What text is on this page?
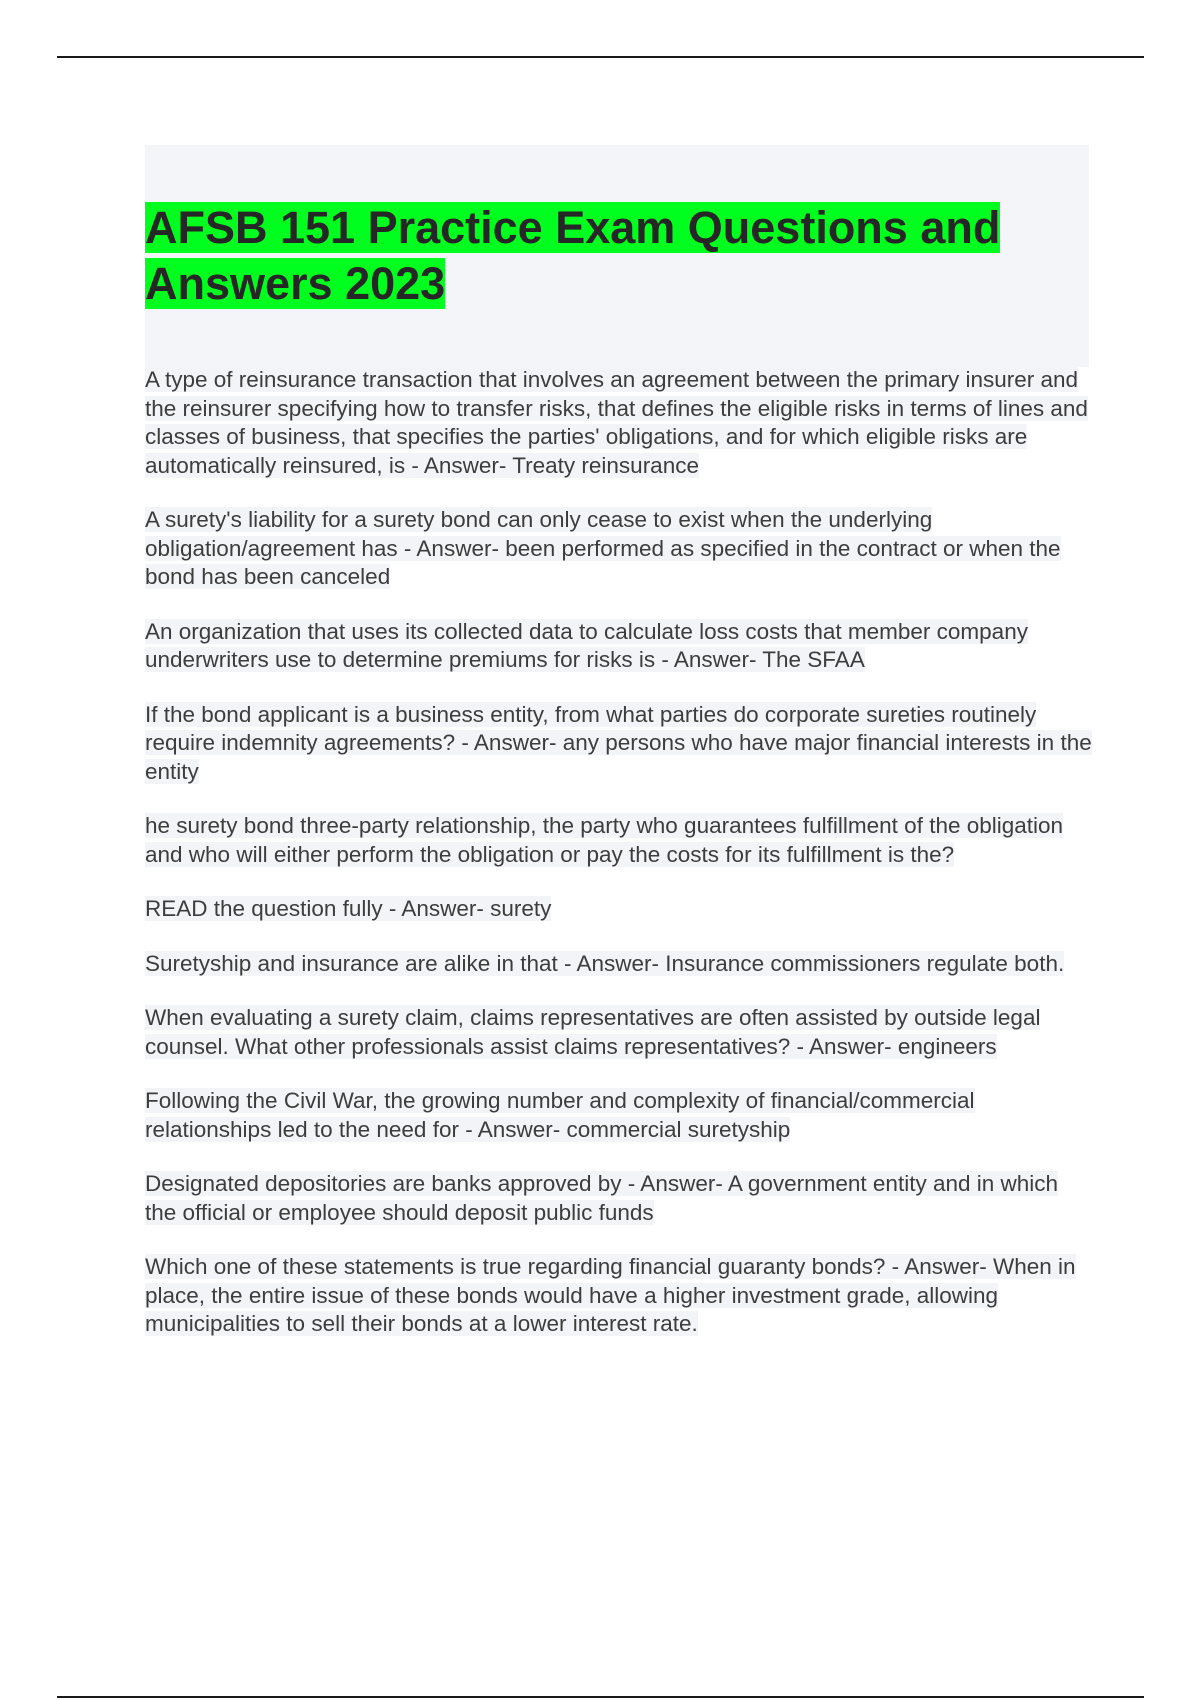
AFSB 151 Practice Exam Questions and Answers 2023

A type of reinsurance transaction that involves an agreement between the primary insurer and the reinsurer specifying how to transfer risks, that defines the eligible risks in terms of lines and classes of business, that specifies the parties' obligations, and for which eligible risks are automatically reinsured, is - Answer- Treaty reinsurance

A surety's liability for a surety bond can only cease to exist when the underlying obligation/agreement has - Answer- been performed as specified in the contract or when the bond has been canceled

An organization that uses its collected data to calculate loss costs that member company underwriters use to determine premiums for risks is - Answer- The SFAA

If the bond applicant is a business entity, from what parties do corporate sureties routinely require indemnity agreements? - Answer- any persons who have major financial interests in the entity

he surety bond three-party relationship, the party who guarantees fulfillment of the obligation and who will either perform the obligation or pay the costs for its fulfillment is the?

READ the question fully - Answer- surety

Suretyship and insurance are alike in that - Answer- Insurance commissioners regulate both.

When evaluating a surety claim, claims representatives are often assisted by outside legal counsel. What other professionals assist claims representatives? - Answer- engineers

Following the Civil War, the growing number and complexity of financial/commercial relationships led to the need for - Answer- commercial suretyship

Designated depositories are banks approved by - Answer- A government entity and in which the official or employee should deposit public funds

Which one of these statements is true regarding financial guaranty bonds? - Answer- When in place, the entire issue of these bonds would have a higher investment grade, allowing municipalities to sell their bonds at a lower interest rate.
